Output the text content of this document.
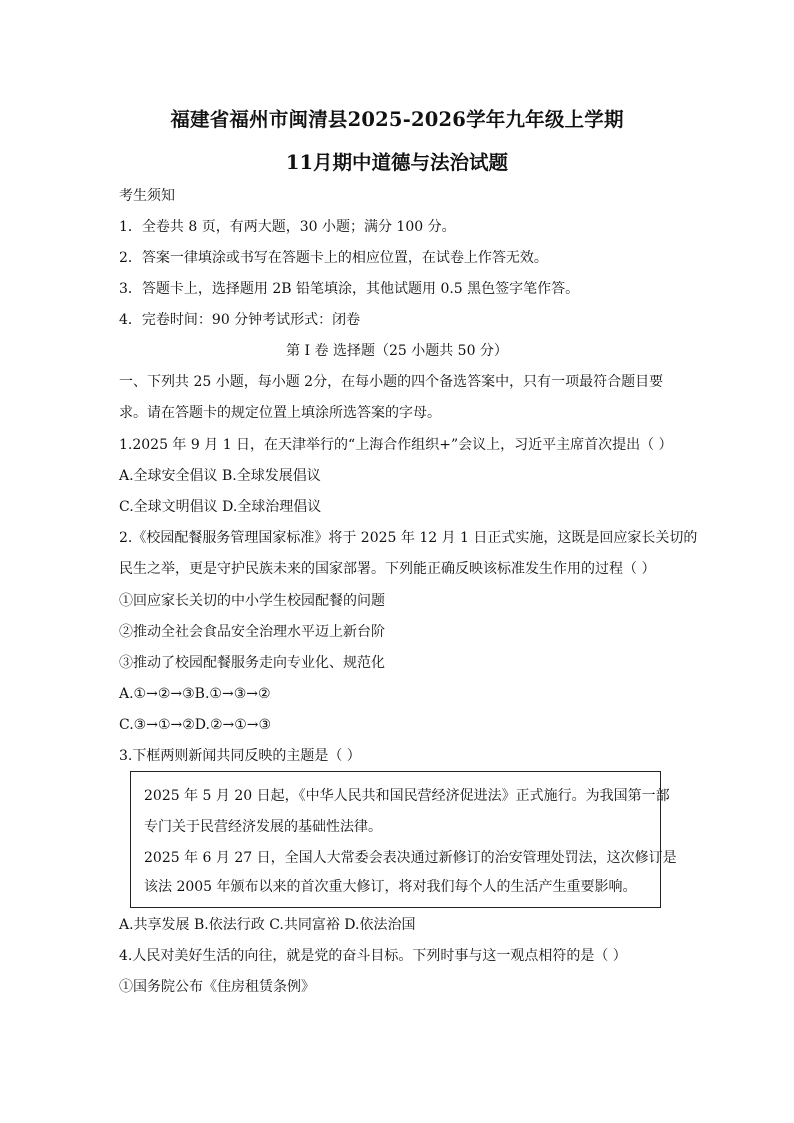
福建省福州市闽清县2025-2026学年九年级上学期
11月期中道德与法治试题
考生须知
1．全卷共 8 页，有两大题，30 小题；满分 100 分。
2．答案一律填涂或书写在答题卡上的相应位置，在试卷上作答无效。
3．答题卡上，选择题用 2B 铅笔填涂，其他试题用 0.5 黑色签字笔作答。
4．完卷时间：90 分钟考试形式：闭卷
第 I 卷 选择题（25 小题共 50 分）
一、下列共 25 小题，每小题 2分，在每小题的四个备选答案中，只有一项最符合题目要
求。请在答题卡的规定位置上填涂所选答案的字母。
1.2025 年 9 月 1 日，在天津举行的“上海合作组织+”会议上，习近平主席首次提出（ ）
A.全球安全倡议 B.全球发展倡议
C.全球文明倡议 D.全球治理倡议
2.《校园配餐服务管理国家标准》将于 2025 年 12 月 1 日正式实施，这既是回应家长关切的
民生之举，更是守护民族未来的国家部署。下列能正确反映该标准发生作用的过程（ ）
①回应家长关切的中小学生校园配餐的问题
②推动全社会食品安全治理水平迈上新台阶
③推动了校园配餐服务走向专业化、规范化
A.①→②→③B.①→③→②
C.③→①→②D.②→①→③
3.下框两则新闻共同反映的主题是（ ）
2025 年 5 月 20 日起，《中华人民共和国民营经济促进法》正式施行。为我国第一部
专门关于民营经济发展的基础性法律。
2025 年 6 月 27 日，全国人大常委会表决通过新修订的治安管理处罚法，这次修订是
该法 2005 年颁布以来的首次重大修订，将对我们每个人的生活产生重要影响。
A.共享发展 B.依法行政 C.共同富裕 D.依法治国
4.人民对美好生活的向往，就是党的奋斗目标。下列时事与这一观点相符的是（ ）
①国务院公布《住房租赁条例》
